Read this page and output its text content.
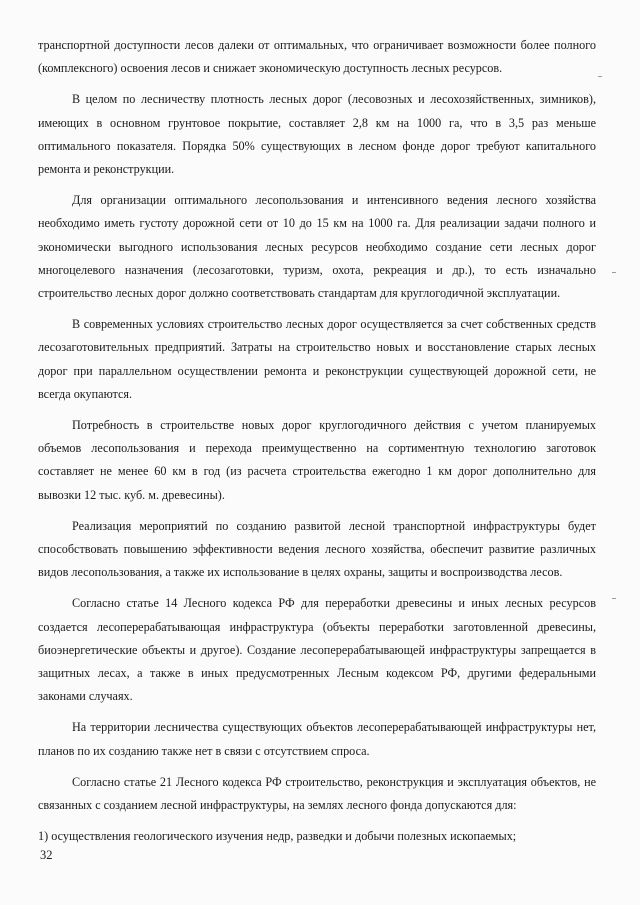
транспортной доступности лесов далеки от оптимальных, что ограничивает возможности более полного (комплексного) освоения лесов и снижает экономическую доступность лесных ресурсов.

В целом по лесничеству плотность лесных дорог (лесовозных и лесохозяйственных, зимников), имеющих в основном грунтовое покрытие, составляет 2,8 км на 1000 га, что в 3,5 раз меньше оптимального показателя. Порядка 50% существующих в лесном фонде дорог требуют капитального ремонта и реконструкции.

Для организации оптимального лесопользования и интенсивного ведения лесного хозяйства необходимо иметь густоту дорожной сети от 10 до 15 км на 1000 га. Для реализации задачи полного и экономически выгодного использования лесных ресурсов необходимо создание сети лесных дорог многоцелевого назначения (лесозаготовки, туризм, охота, рекреация и др.), то есть изначально строительство лесных дорог должно соответствовать стандартам для круглогодичной эксплуатации.

В современных условиях строительство лесных дорог осуществляется за счет собственных средств лесозаготовительных предприятий. Затраты на строительство новых и восстановление старых лесных дорог при параллельном осуществлении ремонта и реконструкции существующей дорожной сети, не всегда окупаются.

Потребность в строительстве новых дорог круглогодичного действия с учетом планируемых объемов лесопользования и перехода преимущественно на сортиментную технологию заготовок составляет не менее 60 км в год (из расчета строительства ежегодно 1 км дорог дополнительно для вывозки 12 тыс. куб. м. древесины).

Реализация мероприятий по созданию развитой лесной транспортной инфраструктуры будет способствовать повышению эффективности ведения лесного хозяйства, обеспечит развитие различных видов лесопользования, а также их использование в целях охраны, защиты и воспроизводства лесов.

Согласно статье 14 Лесного кодекса РФ для переработки древесины и иных лесных ресурсов создается лесоперерабатывающая инфраструктура (объекты переработки заготовленной древесины, биоэнергетические объекты и другое). Создание лесоперерабатывающей инфраструктуры запрещается в защитных лесах, а также в иных предусмотренных Лесным кодексом РФ, другими федеральными законами случаях.

На территории лесничества существующих объектов лесоперерабатывающей инфраструктуры нет, планов по их созданию также нет в связи с отсутствием спроса.

Согласно статье 21 Лесного кодекса РФ строительство, реконструкция и эксплуатация объектов, не связанных с созданием лесной инфраструктуры, на землях лесного фонда допускаются для:

1) осуществления геологического изучения недр, разведки и добычи полезных ископаемых;

32
